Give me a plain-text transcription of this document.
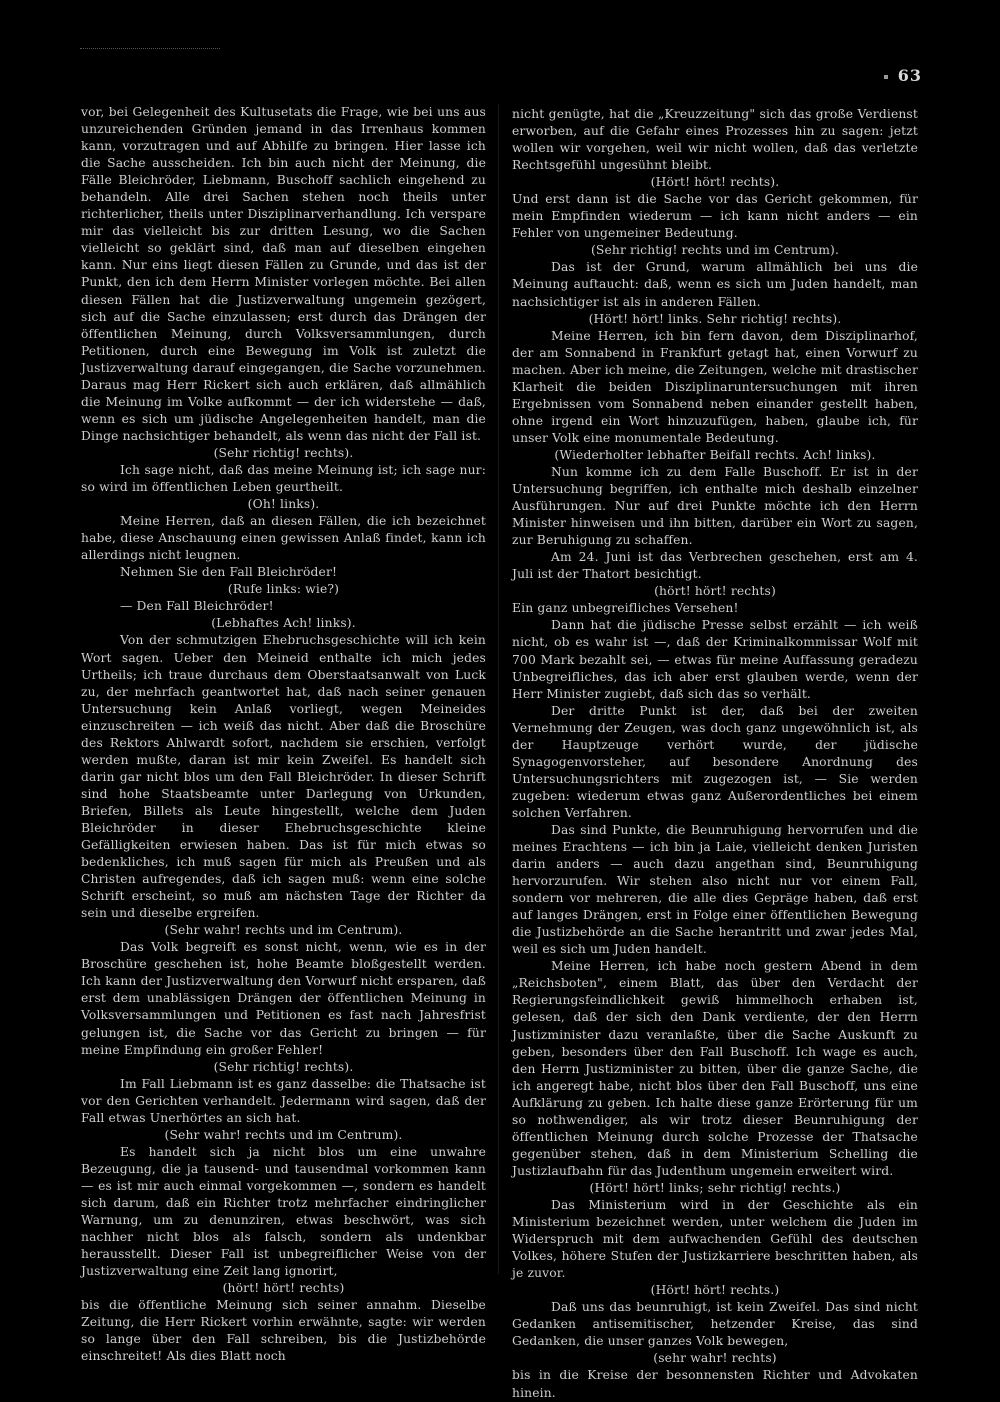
63

vor, bei Gelegenheit des Kultusetats die Frage, wie bei uns aus unzureichenden Gründen jemand in das Irrenhaus kommen kann, vorzutragen und auf Abhilfe zu bringen. Hier lasse ich die Sache ausscheiden. Ich bin auch nicht der Meinung, die Fälle Bleichröder, Liebmann, Buschoff sachlich eingehend zu behandeln. Alle drei Sachen stehen noch theils unter richterlicher, theils unter Disziplinarverhandlung. Ich verspare mir das vielleicht bis zur dritten Lesung, wo die Sachen vielleicht so geklärt sind, daß man auf dieselben eingehen kann. Nur eins liegt diesen Fällen zu Grunde, und das ist der Punkt, den ich dem Herrn Minister vorlegen möchte. Bei allen diesen Fällen hat die Justizverwaltung ungemein gezögert, sich auf die Sache einzulassen; erst durch das Drängen der öffentlichen Meinung, durch Volksversammlungen, durch Petitionen, durch eine Bewegung im Volk ist zuletzt die Justizverwaltung darauf eingegangen, die Sache vorzunehmen. Daraus mag Herr Rickert sich auch erklären, daß allmählich die Meinung im Volke aufkommt — der ich widerstehe — daß, wenn es sich um jüdische Angelegenheiten handelt, man die Dinge nachsichtiger behandelt, als wenn das nicht der Fall ist.

(Sehr richtig! rechts).

Ich sage nicht, daß das meine Meinung ist; ich sage nur: so wird im öffentlichen Leben geurtheilt.

(Oh! links).

Meine Herren, daß an diesen Fällen, die ich bezeichnet habe, diese Anschauung einen gewissen Anlaß findet, kann ich allerdings nicht leugnen.

Nehmen Sie den Fall Bleichröder!

(Rufe links: wie?)

— Den Fall Bleichröder!

(Lebhaftes Ach! links).

Von der schmutzigen Ehebruchsgeschichte will ich kein Wort sagen. Ueber den Meineid enthalte ich mich jedes Urtheils; ich traue durchaus dem Oberstaatsanwalt von Luck zu, der mehrfach geantwortet hat, daß nach seiner genauen Untersuchung kein Anlaß vorliegt, wegen Meineides einzuschreiten — ich weiß das nicht. Aber daß die Broschüre des Rektors Ahlwardt sofort, nachdem sie erschien, verfolgt werden mußte, daran ist mir kein Zweifel. Es handelt sich darin gar nicht blos um den Fall Bleichröder. In dieser Schrift sind hohe Staatsbeamte unter Darlegung von Urkunden, Briefen, Billets als Leute hingestellt, welche dem Juden Bleichröder in dieser Ehebruchsgeschichte kleine Gefälligkeiten erwiesen haben. Das ist für mich etwas so bedenkliches, ich muß sagen für mich als Preußen und als Christen aufregendes, daß ich sagen muß: wenn eine solche Schrift erscheint, so muß am nächsten Tage der Richter da sein und dieselbe ergreifen.

(Sehr wahr! rechts und im Centrum).

Das Volk begreift es sonst nicht, wenn, wie es in der Broschüre geschehen ist, hohe Beamte bloßgestellt werden. Ich kann der Justizverwaltung den Vorwurf nicht ersparen, daß erst dem unablässigen Drängen der öffentlichen Meinung in Volksversammlungen und Petitionen es fast nach Jahresfrist gelungen ist, die Sache vor das Gericht zu bringen — für meine Empfindung ein großer Fehler!

(Sehr richtig! rechts).

Im Fall Liebmann ist es ganz dasselbe: die Thatsache ist vor den Gerichten verhandelt. Jedermann wird sagen, daß der Fall etwas Unerhörtes an sich hat.

(Sehr wahr! rechts und im Centrum).

Es handelt sich ja nicht blos um eine unwahre Bezeugung, die ja tausend- und tausendmal vorkommen kann — es ist mir auch einmal vorgekommen —, sondern es handelt sich darum, daß ein Richter trotz mehrfacher eindringlicher Warnung, um zu denunziren, etwas beschwört, was sich nachher nicht blos als falsch, sondern als undenkbar herausstellt. Dieser Fall ist unbegreiflicher Weise von der Justizverwaltung eine Zeit lang ignorirt,

(hört! hört! rechts)

bis die öffentliche Meinung sich seiner annahm. Dieselbe Zeitung, die Herr Rickert vorhin erwähnte, sagte: wir werden so lange über den Fall schreiben, bis die Justizbehörde einschreitet! Als dies Blatt noch

nicht genügte, hat die „Kreuzzeitung" sich das große Verdienst erworben, auf die Gefahr eines Prozesses hin zu sagen: jetzt wollen wir vorgehen, weil wir nicht wollen, daß das verletzte Rechtsgefühl ungesühnt bleibt.

(Hört! hört! rechts).

Und erst dann ist die Sache vor das Gericht gekommen, für mein Empfinden wiederum — ich kann nicht anders — ein Fehler von ungemeiner Bedeutung.

(Sehr richtig! rechts und im Centrum).

Das ist der Grund, warum allmählich bei uns die Meinung auftaucht: daß, wenn es sich um Juden handelt, man nachsichtiger ist als in anderen Fällen.

(Hört! hört! links. Sehr richtig! rechts).

Meine Herren, ich bin fern davon, dem Disziplinarhof, der am Sonnabend in Frankfurt getagt hat, einen Vorwurf zu machen. Aber ich meine, die Zeitungen, welche mit drastischer Klarheit die beiden Disziplinaruntersuchungen mit ihren Ergebnissen vom Sonnabend neben einander gestellt haben, ohne irgend ein Wort hinzuzufügen, haben, glaube ich, für unser Volk eine monumentale Bedeutung.

(Wiederholter lebhafter Beifall rechts. Ach! links).

Nun komme ich zu dem Falle Buschoff. Er ist in der Untersuchung begriffen, ich enthalte mich deshalb einzelner Ausführungen. Nur auf drei Punkte möchte ich den Herrn Minister hinweisen und ihn bitten, darüber ein Wort zu sagen, zur Beruhigung zu schaffen.

Am 24. Juni ist das Verbrechen geschehen, erst am 4. Juli ist der Thatort besichtigt.

(hört! hört! rechts)

Ein ganz unbegreifliches Versehen!

Dann hat die jüdische Presse selbst erzählt — ich weiß nicht, ob es wahr ist —, daß der Kriminalkommissar Wolf mit 700 Mark bezahlt sei, — etwas für meine Auffassung geradezu Unbegreifliches, das ich aber erst glauben werde, wenn der Herr Minister zugiebt, daß sich das so verhält.

Der dritte Punkt ist der, daß bei der zweiten Vernehmung der Zeugen, was doch ganz ungewöhnlich ist, als der Hauptzeuge verhört wurde, der jüdische Synagogenvorsteher, auf besondere Anordnung des Untersuchungsrichters mit zugezogen ist, — Sie werden zugeben: wiederum etwas ganz Außerordentliches bei einem solchen Verfahren.

Das sind Punkte, die Beunruhigung hervorrufen und die meines Erachtens — ich bin ja Laie, vielleicht denken Juristen darin anders — auch dazu angethan sind, Beunruhigung hervorzurufen. Wir stehen also nicht nur vor einem Fall, sondern vor mehreren, die alle dies Gepräge haben, daß erst auf langes Drängen, erst in Folge einer öffentlichen Bewegung die Justizbehörde an die Sache herantritt und zwar jedes Mal, weil es sich um Juden handelt.

Meine Herren, ich habe noch gestern Abend in dem „Reichsboten", einem Blatt, das über den Verdacht der Regierungsfeindlichkeit gewiß himmelhoch erhaben ist, gelesen, daß der sich den Dank verdiente, der den Herrn Justizminister dazu veranlaßte, über die Sache Auskunft zu geben, besonders über den Fall Buschoff. Ich wage es auch, den Herrn Justizminister zu bitten, über die ganze Sache, die ich angeregt habe, nicht blos über den Fall Buschoff, uns eine Aufklärung zu geben. Ich halte diese ganze Erörterung für um so nothwendiger, als wir trotz dieser Beunruhigung der öffentlichen Meinung durch solche Prozesse der Thatsache gegenüber stehen, daß in dem Ministerium Schelling die Justizlaufbahn für das Judenthum ungemein erweitert wird.

(Hört! hört! links; sehr richtig! rechts.)

Das Ministerium wird in der Geschichte als ein Ministerium bezeichnet werden, unter welchem die Juden im Widerspruch mit dem aufwachenden Gefühl des deutschen Volkes, höhere Stufen der Justizkarriere beschritten haben, als je zuvor.

(Hört! hört! rechts.)

Daß uns das beunruhigt, ist kein Zweifel. Das sind nicht Gedanken antisemitischer, hetzender Kreise, das sind Gedanken, die unser ganzes Volk bewegen,

(sehr wahr! rechts)

bis in die Kreise der besonnensten Richter und Advokaten hinein.
